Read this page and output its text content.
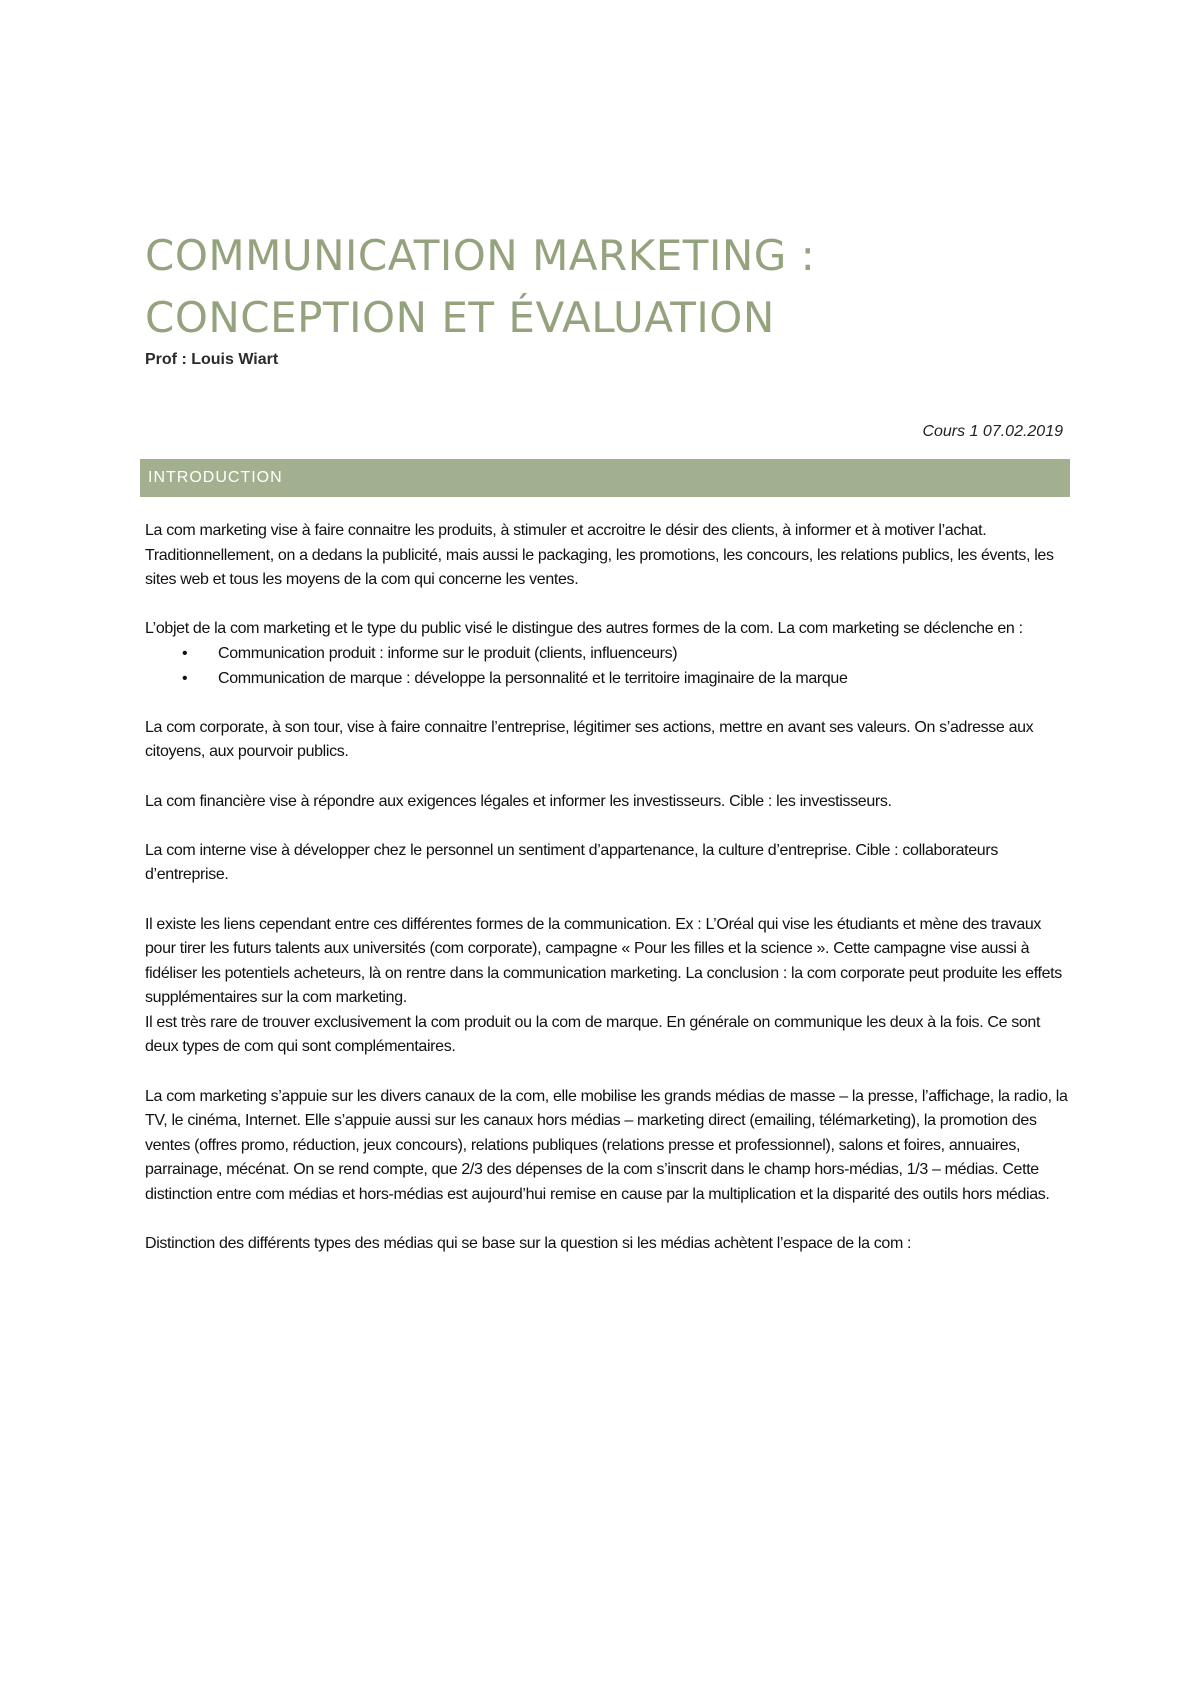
COMMUNICATION MARKETING :
CONCEPTION ET ÉVALUATION

Prof : Louis Wiart

Cours 1 07.02.2019

INTRODUCTION

La com marketing vise à faire connaitre les produits, à stimuler et accroitre le désir des clients, à informer et à motiver l’achat. Traditionnellement, on a dedans la publicité, mais aussi le packaging, les promotions, les concours, les relations publics, les évents, les sites web et tous les moyens de la com qui concerne les ventes.

L’objet de la com marketing et le type du public visé le distingue des autres formes de la com. La com marketing se déclenche en :

• Communication produit : informe sur le produit (clients, influenceurs)
• Communication de marque : développe la personnalité et le territoire imaginaire de la marque

La com corporate, à son tour, vise à faire connaitre l’entreprise, légitimer ses actions, mettre en avant ses valeurs. On s’adresse aux citoyens, aux pourvoir publics.

La com financière vise à répondre aux exigences légales et informer les investisseurs. Cible : les investisseurs.

La com interne vise à développer chez le personnel un sentiment d’appartenance, la culture d’entreprise. Cible : collaborateurs d’entreprise.

Il existe les liens cependant entre ces différentes formes de la communication. Ex : L’Oréal qui vise les étudiants et mène des travaux pour tirer les futurs talents aux universités (com corporate), campagne « Pour les filles et la science ». Cette campagne vise aussi à fidéliser les potentiels acheteurs, là on rentre dans la communication marketing. La conclusion : la com corporate peut produite les effets supplémentaires sur la com marketing.

Il est très rare de trouver exclusivement la com produit ou la com de marque. En générale on communique les deux à la fois. Ce sont deux types de com qui sont complémentaires.

La com marketing s’appuie sur les divers canaux de la com, elle mobilise les grands médias de masse – la presse, l’affichage, la radio, la TV, le cinéma, Internet. Elle s’appuie aussi sur les canaux hors médias – marketing direct (emailing, télémarketing), la promotion des ventes (offres promo, réduction, jeux concours), relations publiques (relations presse et professionnel), salons et foires, annuaires, parrainage, mécénat. On se rend compte, que 2/3 des dépenses de la com s’inscrit dans le champ hors-médias, 1/3 – médias. Cette distinction entre com médias et hors-médias est aujourd’hui remise en cause par la multiplication et la disparité des outils hors médias.

Distinction des différents types des médias qui se base sur la question si les médias achètent l’espace de la com :
